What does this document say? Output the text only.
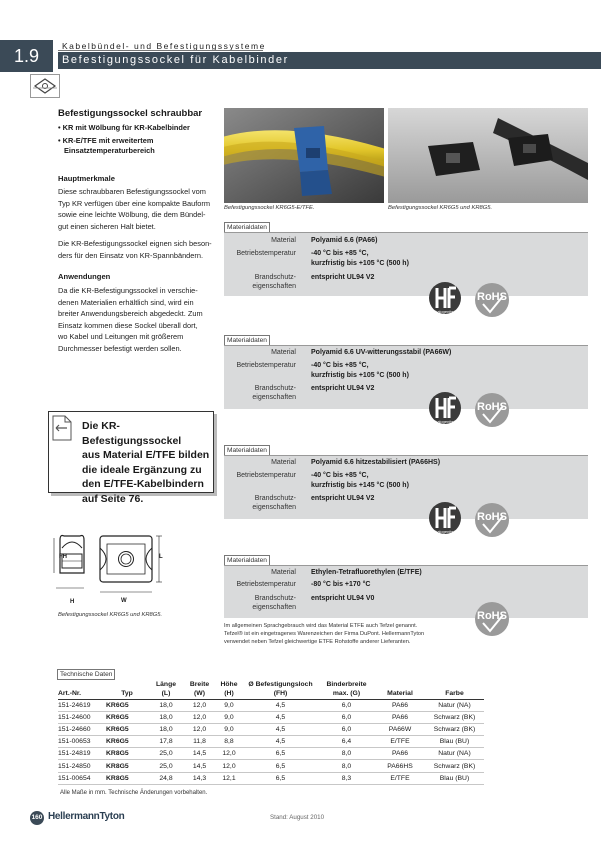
1.9	Kabelbündel- und Befestigungssysteme
Befestigungssockel für Kabelbinder
Befestigungssockel schraubbar
• KR mit Wölbung für KR-Kabelbinder
• KR-E/TFE mit erweitertem
Einsatztemperaturbereich
Hauptmerkmale
Diese schraubbaren Befestigungssockel vom
Typ KR verfügen über eine kompakte Bauform
sowie eine leichte Wölbung, die dem Bündel-
gut einen sicheren Halt bietet.
Die KR-Befestigungssockel eignen sich beson-
ders für den Einsatz von KR-Spannbändern.
Anwendungen
Da die KR-Befestigungssockel in verschie-
denen Materialien erhältlich sind, wird ein
breiter Anwendungsbereich abgedeckt. Zum
Einsatz kommen diese Sockel überall dort,
wo Kabel und Leitungen mit größerem
Durchmesser befestigt werden sollen.
Die KR-Befestigungssockel
aus Material E/TFE bilden
die ideale Ergänzung zu
den E/TFE-Kabelbindern
auf Seite 76.
Befestigungssockel KR6G5-E/TFE.	Befestigungssockel KR6G5 und KR8G5.
Materialdaten
Material Polyamid 6.6 (PA66)
Betriebstemperatur -40 °C bis +85 °C,
kurzfristig bis +105 °C (500 h)
Brandschutz-
eigenschaften
entspricht UL94 V2
halogenfrei
RoHS
Materialdaten
Material Polyamid 6.6 UV-witterungsstabil (PA66W)
Betriebstemperatur -40 °C bis +85 °C,
kurzfristig bis +105 °C (500 h)
Brandschutz-
eigenschaften
entspricht UL94 V2
halogenfrei
RoHS
Materialdaten
Material Polyamid 6.6 hitzestabilisiert (PA66HS)
Betriebstemperatur -40 °C bis +85 °C,
kurzfristig bis +145 °C (500 h)
Brandschutz-
eigenschaften
entspricht UL94 V2
halogenfrei
RoHS
Materialdaten
Material Ethylen-Tetrafluorethylen (E/TFE)
Betriebstemperatur -80 °C bis +170 °C
Brandschutz-
eigenschaften
entspricht UL94 V0
RoHS
Im allgemeinen Sprachgebrauch wird das Material ETFE auch Tefzel genannt.
Tefzel® ist ein eingetragenes Warenzeichen der Firma DuPont. HellermannTyton
verwendet neben Tefzel gleichwertige ETFE Rohstoffe anderer Lieferanten.
FH	L
H	W
Befestigungssockel KR6G5 und KR8G5.
Technische Daten
		Länge	Breite	Höhe	Ø Befestigungsloch	Binderbreite		
Art.-Nr.	Typ	(L)	(W)	(H)	(FH)	max. (G)	Material	Farbe
151-24619	KR6G5	18,0	12,0	9,0	4,5	6,0	PA66	Natur (NA)
151-24600	KR6G5	18,0	12,0	9,0	4,5	6,0	PA66	Schwarz (BK)
151-24660	KR6G5	18,0	12,0	9,0	4,5	6,0	PA66W	Schwarz (BK)
151-00653	KR6G5	17,8	11,8	8,8	4,5	6,4	E/TFE	Blau (BU)
151-24819	KR8G5	25,0	14,5	12,0	6,5	8,0	PA66	Natur (NA)
151-24850	KR8G5	25,0	14,5	12,0	6,5	8,0	PA66HS	Schwarz (BK)
151-00654	KR8G5	24,8	14,3	12,1	6,5	8,3	E/TFE	Blau (BU)
Alle Maße in mm. Technische Änderungen vorbehalten.
160 HellermannTyton	Stand: August 2010
